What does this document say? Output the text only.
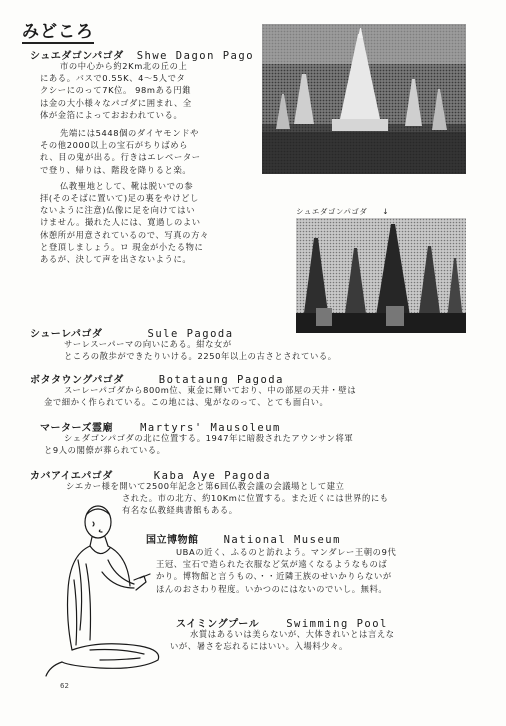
みどころ
シュエダゴンパゴダ Shwe Dagon Pago
市の中心から約2Km北の丘の上
にある。バスで0.55K、4～5人でタ
クシーにのって7K位。 98mある円錐
は金の大小様々なパゴダに囲まれ、全
体が金箔によっておおわれている。
先端には5448個のダイヤモンドや
その他2000以上の宝石がちりばめら
れ、目の鬼が出る。行きはエレベーター
で登り、帰りは、階段を降りると楽。
仏教聖地として、靴は脱いでの参
拝(そのそばに置いて)足の裏をやけどし
ないように注意)仏像に足を向けてはい
けません。撮れた人には、寛過しのよい
休憩所が用意されているので、写真の方々
と登頂しましょう。ロ 現金が小たる物に
あるが、決して声を出さないように。
シュエダゴンパゴダ ↓
シューレパゴダ	Sule Pagoda
サーレスーパーマの向いにある。紺な女が
ところの散歩ができたりいける。2250年以上の古さとされている。
ボタタウングパゴダ	Botataung Pagoda
スーレーパゴダから800m位、東金に輝いており、中の部屋の天井・壁は
金で細かく作られている。この地には、鬼がなのって、とても面白い。
マーターズ霊廟	Martyrs' Mausoleum
シェダゴンパゴダの北に位置する。1947年に暗殺されたアウンサン将軍
と9人の閣僚が葬られている。
カバアイエパゴダ	Kaba Aye Pagoda
シエカー様を開いて2500年記念と第6回仏教会議の会議場として建立
された。市の北方、約10Kmに位置する。また近くには世界的にも
有名な仏教経典書館もある。
国立博物館 National Museum
UBAの近く、ふるのと訪れよう。マンダレー王朝の9代
王冠、宝石で造られた衣服など気が遠くなるようなものば
かり。博物館と言うもの、・・近隣王族のせいかりらないが
ほんのおさわり程度。いかつのにはないのでいし。無料。
スイミングプール	Swimming Pool
水質はあるいは美らないが、大体きれいとは言えな
いが、暑さを忘れるにはいい。入場料少々。
62
